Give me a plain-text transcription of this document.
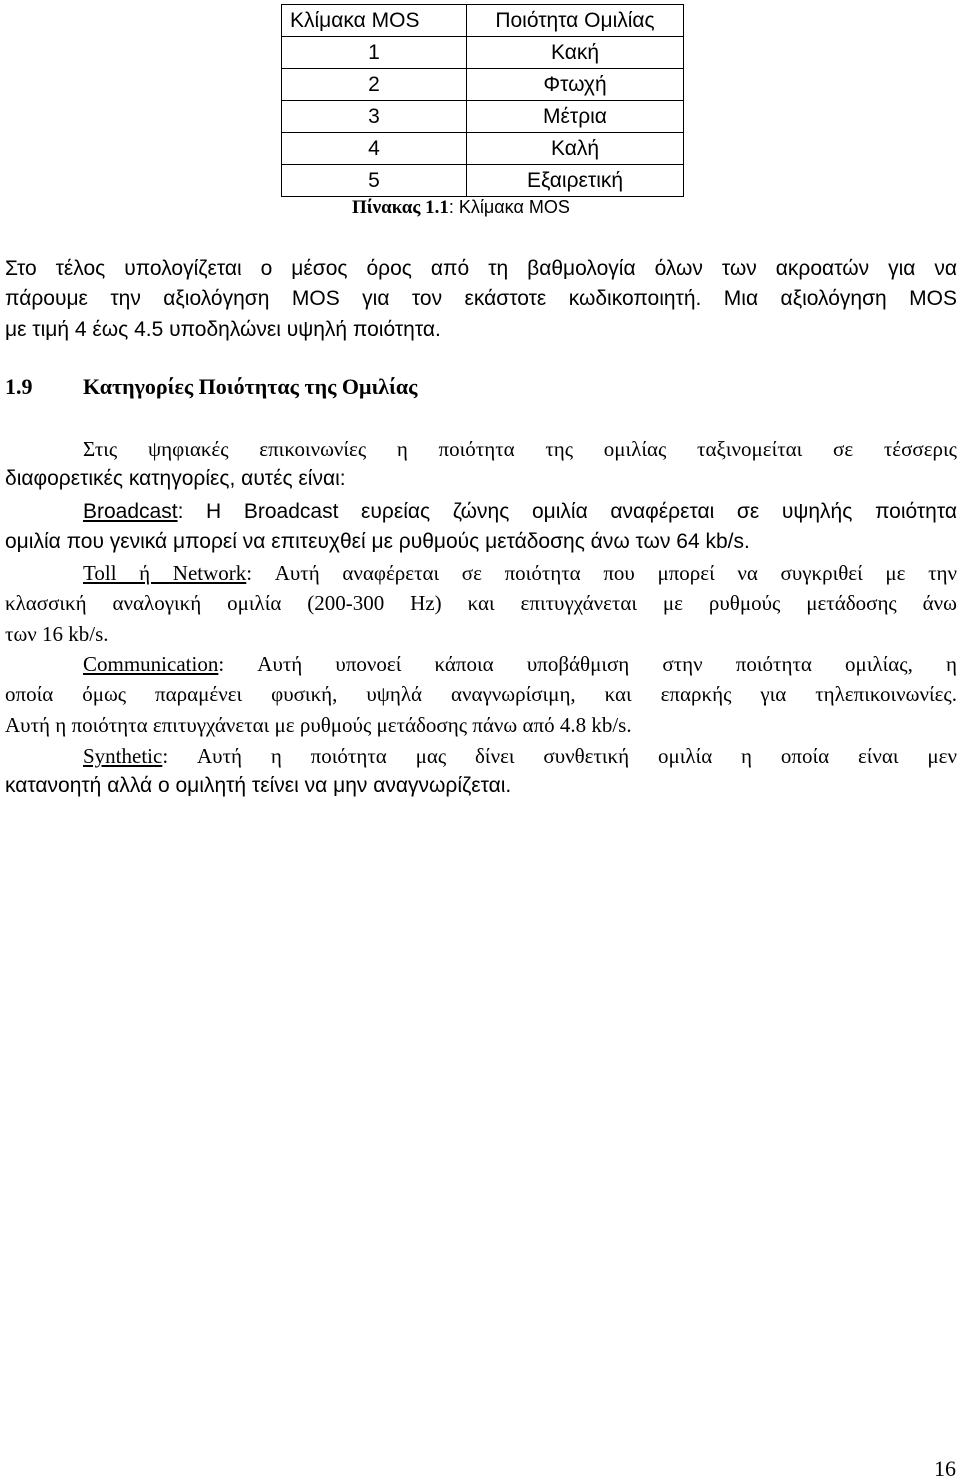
Κλίμακα MOS	Ποιότητα Ομιλίας
1	Κακή
2	Φτωχή
3	Μέτρια
4	Καλή
5	Εξαιρετική
Πίνακας 1.1: Κλίμακα MOS
Στο τέλος υπολογίζεται ο μέσος όρος από τη βαθμολογία όλων των ακροατών για να
πάρουμε την αξιολόγηση MOS για τον εκάστοτε κωδικοποιητή. Μια αξιολόγηση MOS
με τιμή 4 έως 4.5 υποδηλώνει υψηλή ποιότητα.
1.9 Κατηγορίες Ποιότητας της Ομιλίας
Στις ψηφιακές επικοινωνίες η ποιότητα της ομιλίας ταξινομείται σε τέσσερις
διαφορετικές κατηγορίες, αυτές είναι:
Broadcast: Η Broadcast ευρείας ζώνης ομιλία αναφέρεται σε υψηλής ποιότητα
ομιλία που γενικά μπορεί να επιτευχθεί με ρυθμούς μετάδοσης άνω των 64 kb/s.
Toll ή Network: Αυτή αναφέρεται σε ποιότητα που μπορεί να συγκριθεί με την
κλασσική αναλογική ομιλία (200-300 Hz) και επιτυγχάνεται με ρυθμούς μετάδοσης άνω
των 16 kb/s.
Communication: Αυτή υπονοεί κάποια υποβάθμιση στην ποιότητα ομιλίας, η
οποία όμως παραμένει φυσική, υψηλά αναγνωρίσιμη, και επαρκής για τηλεπικοινωνίες.
Αυτή η ποιότητα επιτυγχάνεται με ρυθμούς μετάδοσης πάνω από 4.8 kb/s.
Synthetic: Αυτή η ποιότητα μας δίνει συνθετική ομιλία η οποία είναι μεν
κατανοητή αλλά ο ομιλητή τείνει να μην αναγνωρίζεται.
16
